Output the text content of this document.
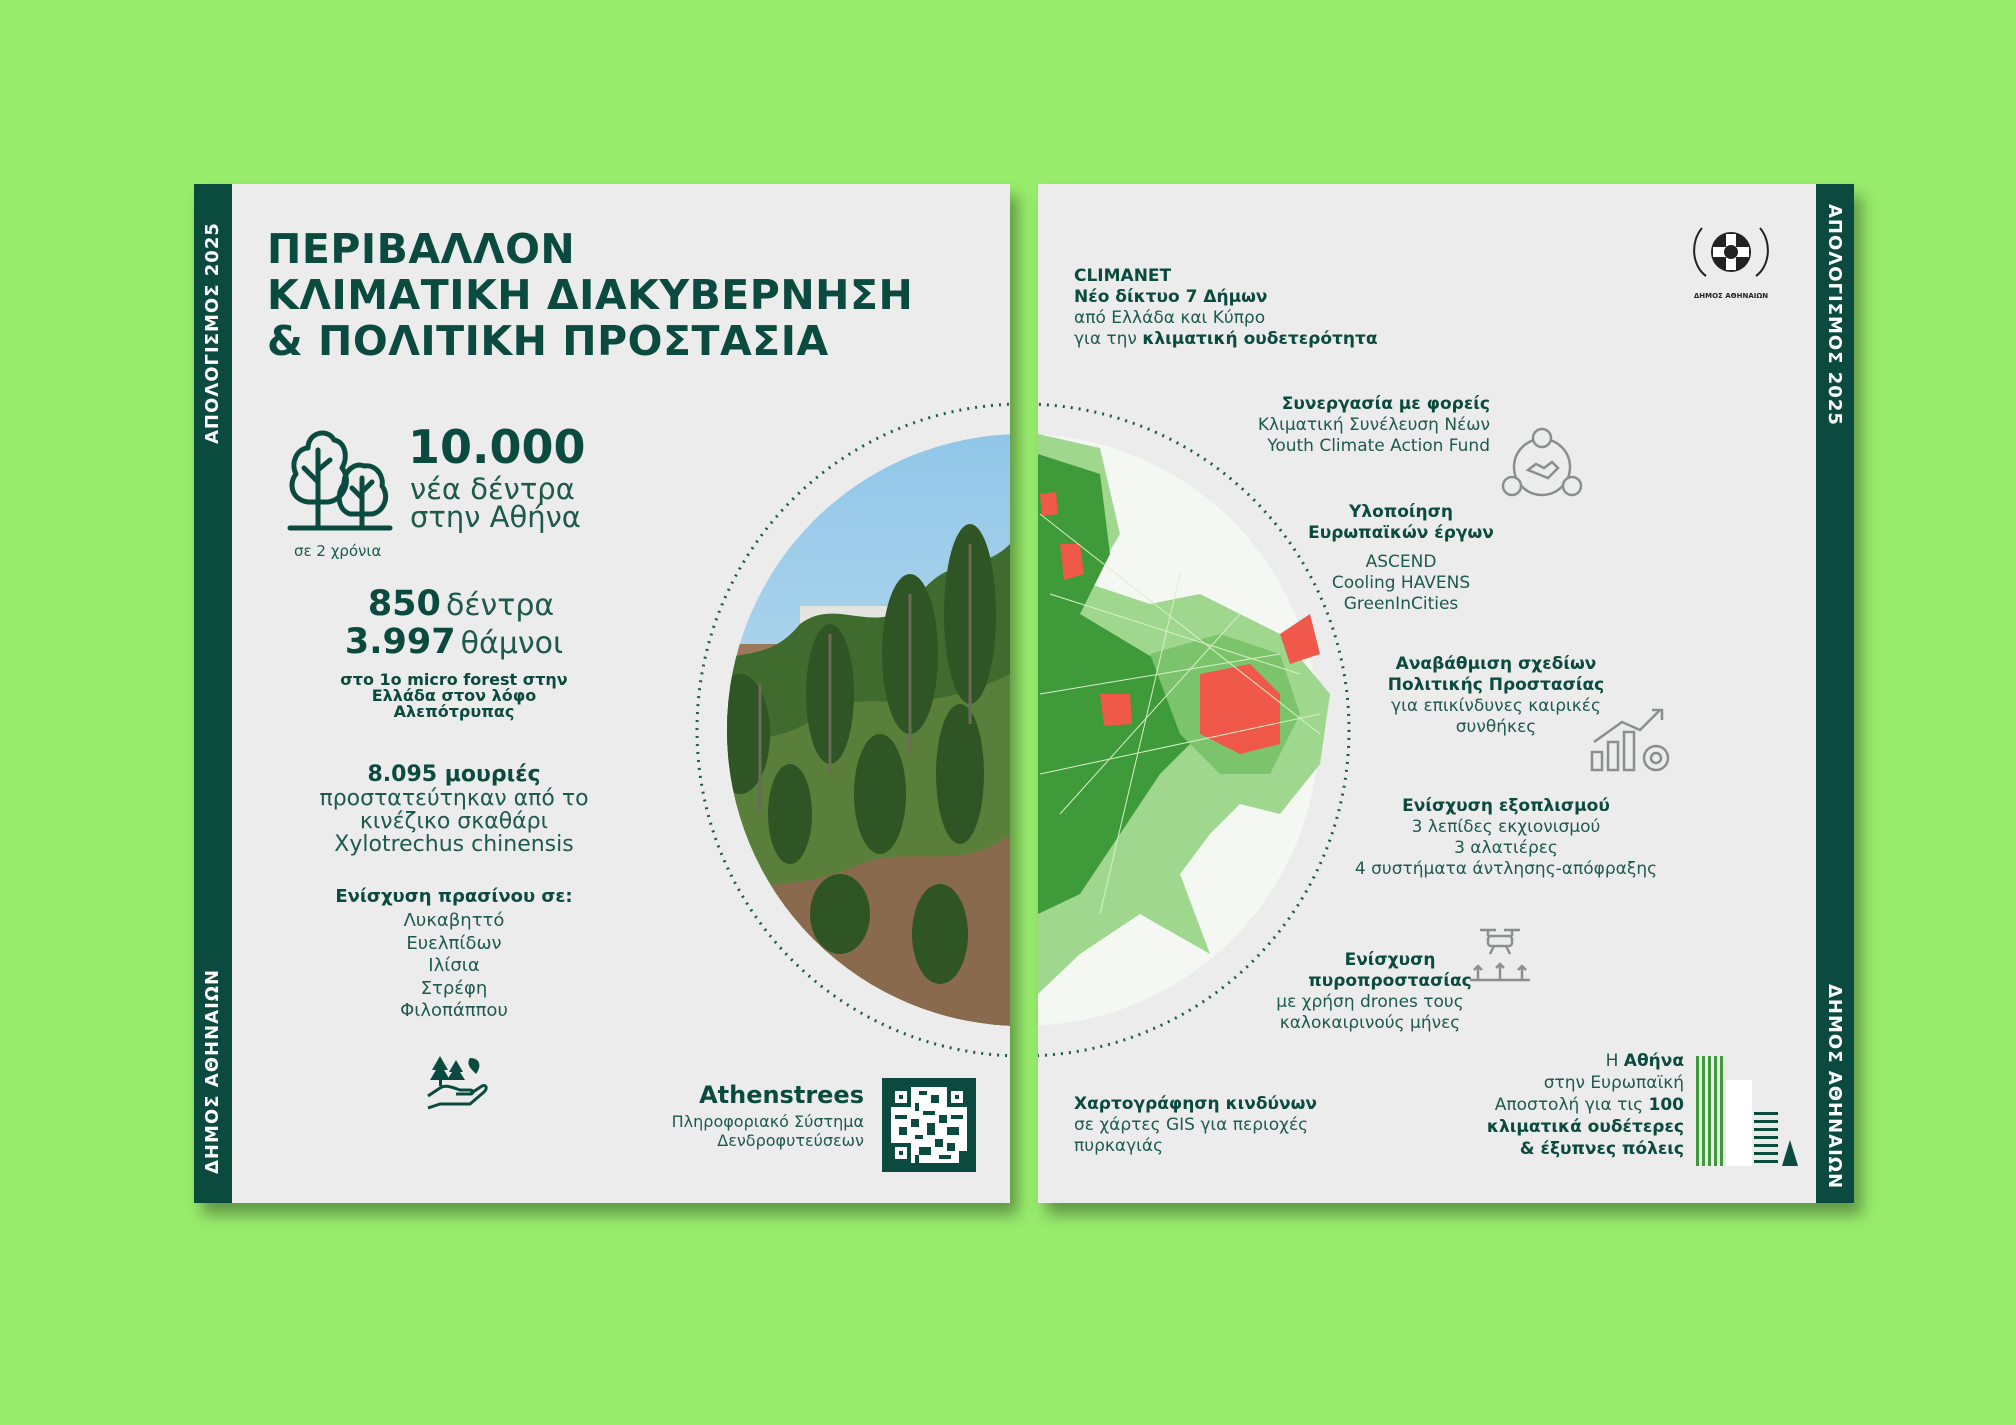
ΑΠΟΛΟΓΙΣΜΟΣ 2025
ΔΗΜΟΣ ΑΘΗΝΑΙΩΝ
ΠΕΡΙΒΑΛΛΟΝ
ΚΛΙΜΑΤΙΚΗ ΔΙΑΚΥΒΕΡΝΗΣΗ
& ΠΟΛΙΤΙΚΗ ΠΡΟΣΤΑΣΙΑ
σε 2 χρόνια
10.000
νέα δέντρα
στην Αθήνα
850 δέντρα
3.997 θάμνοι
στο 1ο micro forest στην
Ελλάδα στον λόφο
Αλεπότρυπας
8.095 μουριές
προστατεύτηκαν από το
κινέζικο σκαθάρι
Xylotrechus chinensis
Ενίσχυση πρασίνου σε:
Λυκαβηττό
Ευελπίδων
Ιλίσια
Στρέφη
Φιλοπάππου
Athenstrees
Πληροφοριακό Σύστημα
Δενδροφυτεύσεων
ΑΠΟΛΟΓΙΣΜΟΣ 2025
ΔΗΜΟΣ ΑΘΗΝΑΙΩΝ
ΔΗΜΟΣ ΑΘΗΝΑΙΩΝ
CLIMANET
Νέο δίκτυο 7 Δήμων
από Ελλάδα και Κύπρο
για την κλιματική ουδετερότητα
Συνεργασία με φορείς
Κλιματική Συνέλευση Νέων
Youth Climate Action Fund
Υλοποίηση
Ευρωπαϊκών έργων
ASCEND
Cooling HAVENS
GreenInCities
Αναβάθμιση σχεδίων
Πολιτικής Προστασίας
για επικίνδυνες καιρικές
συνθήκες
Ενίσχυση εξοπλισμού
3 λεπίδες εκχιονισμού
3 αλατιέρες
4 συστήματα άντλησης-απόφραξης
Ενίσχυση
πυροπροστασίας
με χρήση drones τους
καλοκαιρινούς μήνες
Χαρτογράφηση κινδύνων
σε χάρτες GIS για περιοχές
πυρκαγιάς
Η Αθήνα
στην Ευρωπαϊκή
Αποστολή για τις 100
κλιματικά ουδέτερες
& έξυπνες πόλεις
